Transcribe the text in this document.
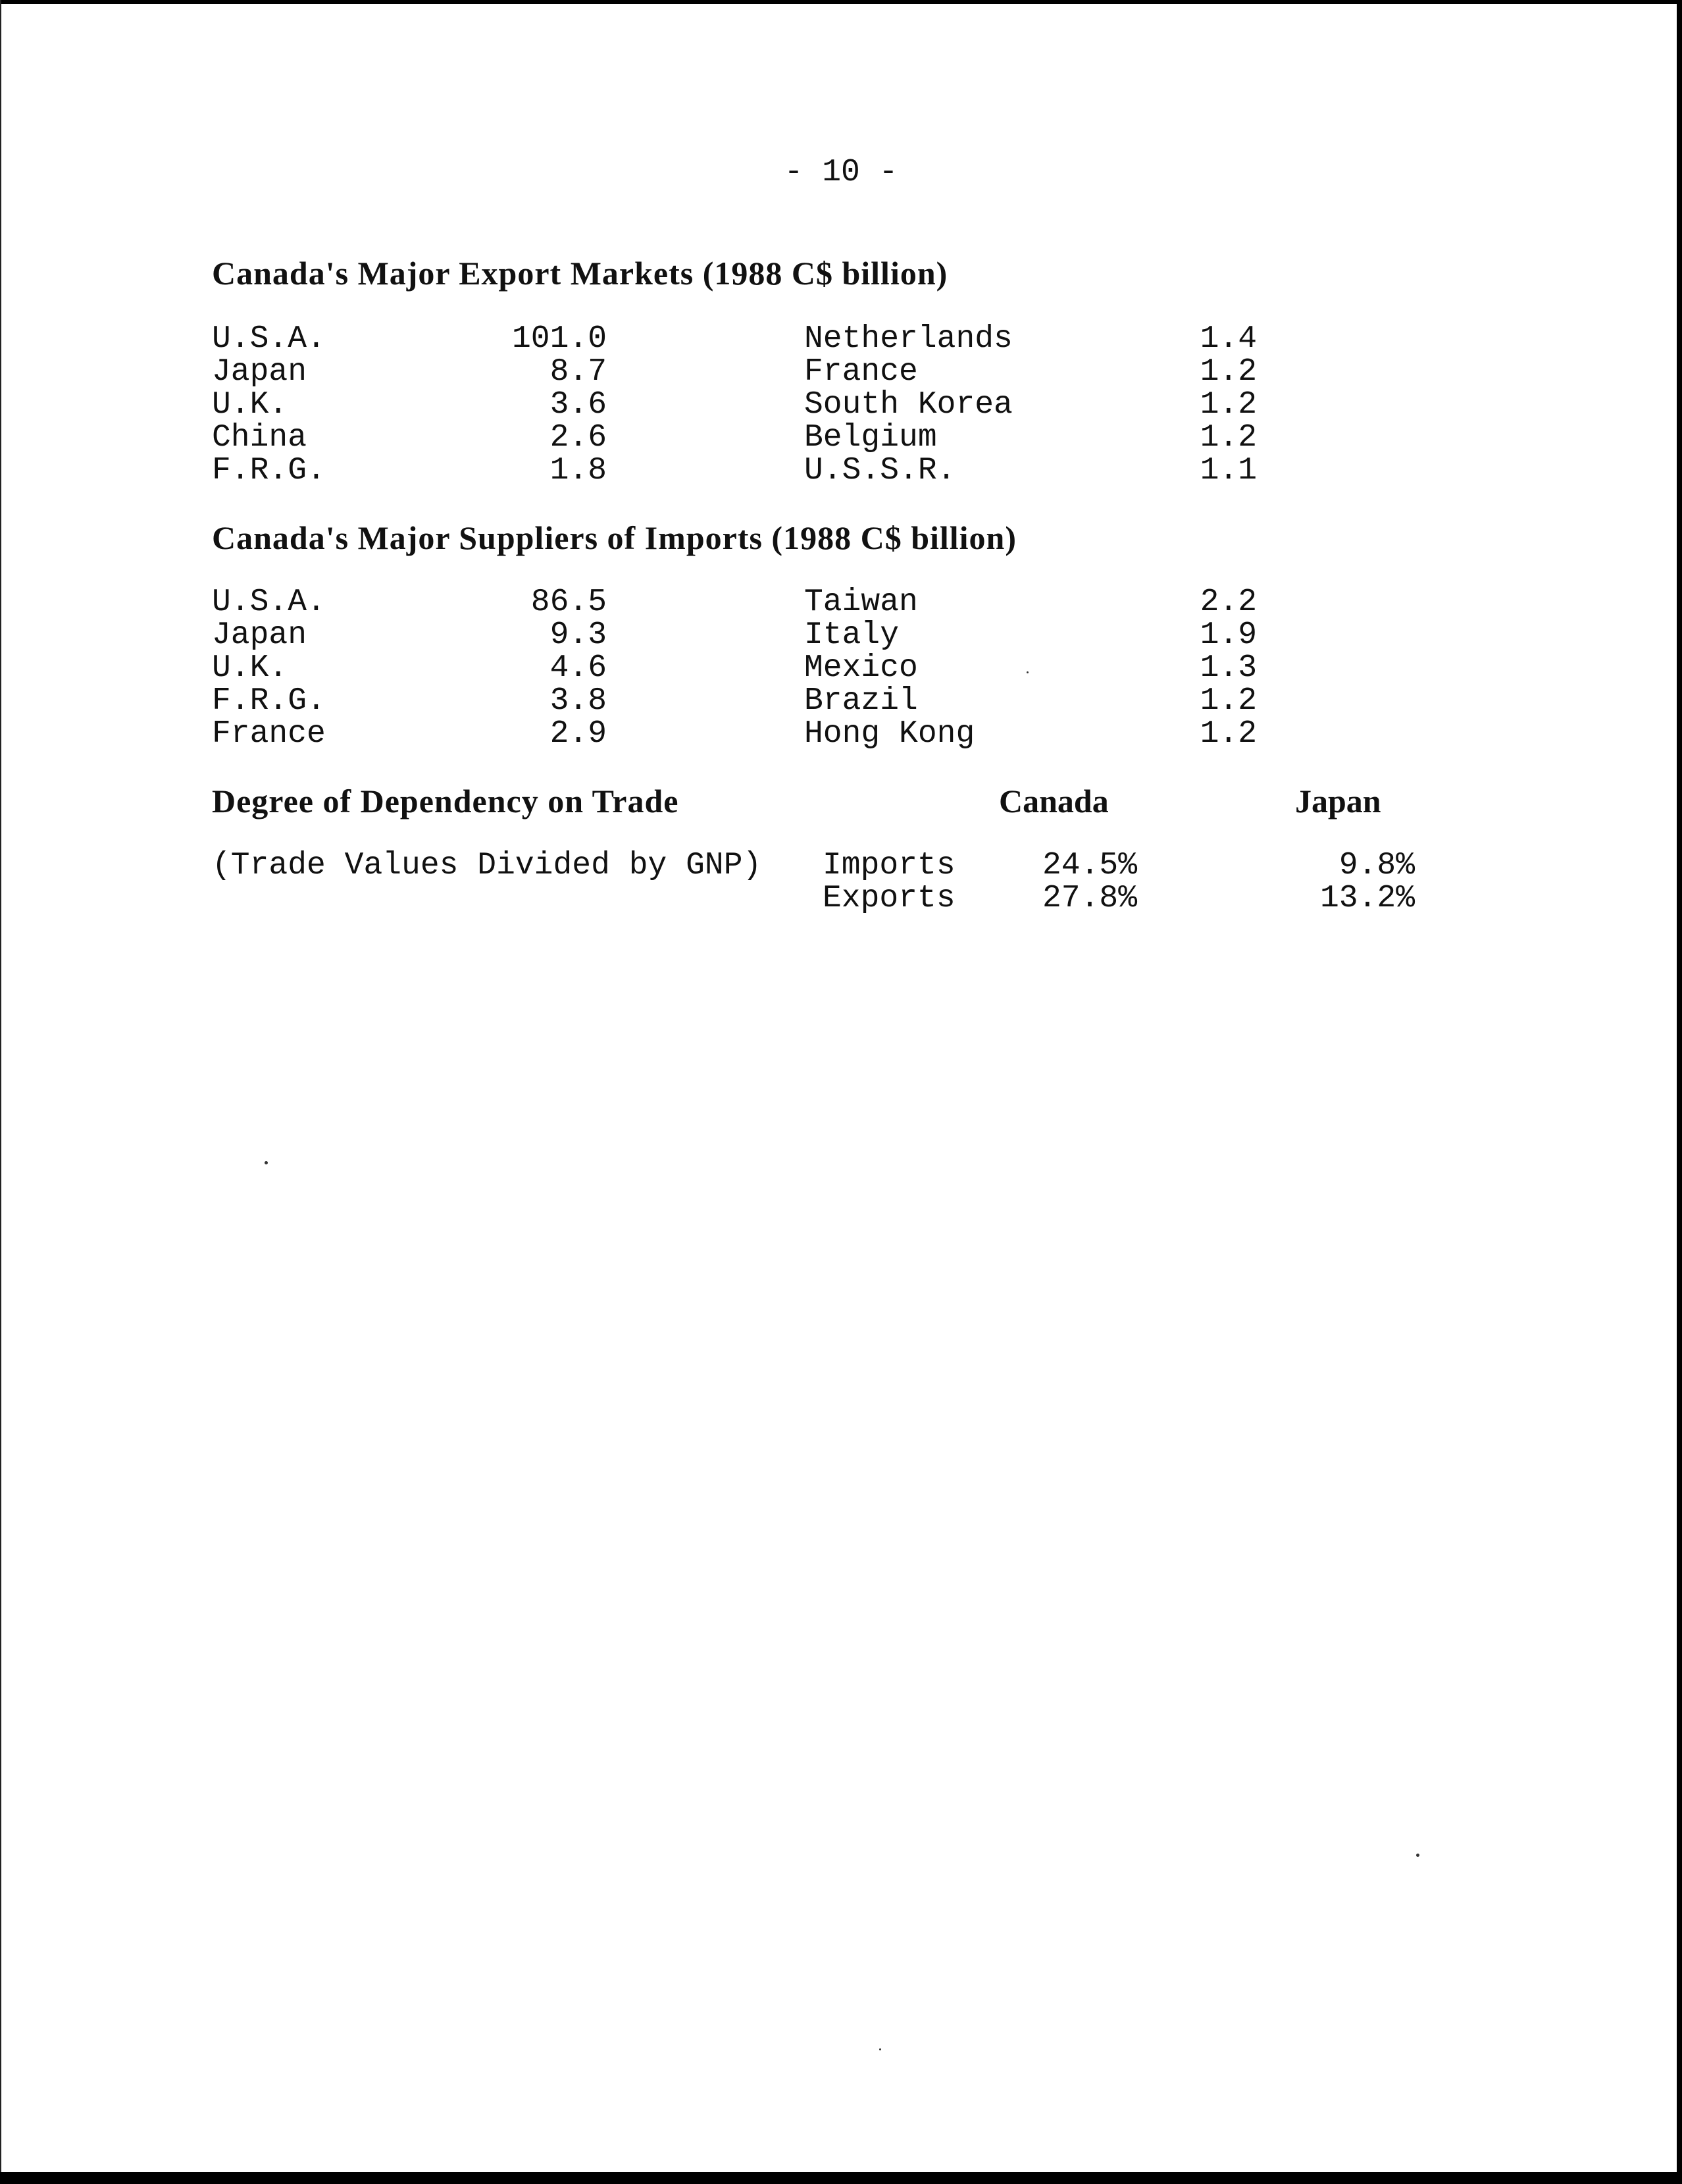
- 10 -
Canada's Major Export Markets (1988 C$ billion)
U.S.A.	101.0	Netherlands	1.4
Japan	8.7	France	1.2
U.K.	3.6	South Korea	1.2
China	2.6	Belgium	1.2
F.R.G.	1.8	U.S.S.R.	1.1
Canada's Major Suppliers of Imports (1988 C$ billion)
U.S.A.	86.5	Taiwan	2.2
Japan	9.3	Italy	1.9
U.K.	4.6	Mexico	1.3
F.R.G.	3.8	Brazil	1.2
France	2.9	Hong Kong	1.2
Degree of Dependency on Trade	Canada	Japan
(Trade Values Divided by GNP) Imports	24.5%	9.8%
Exports	27.8%	13.2%
